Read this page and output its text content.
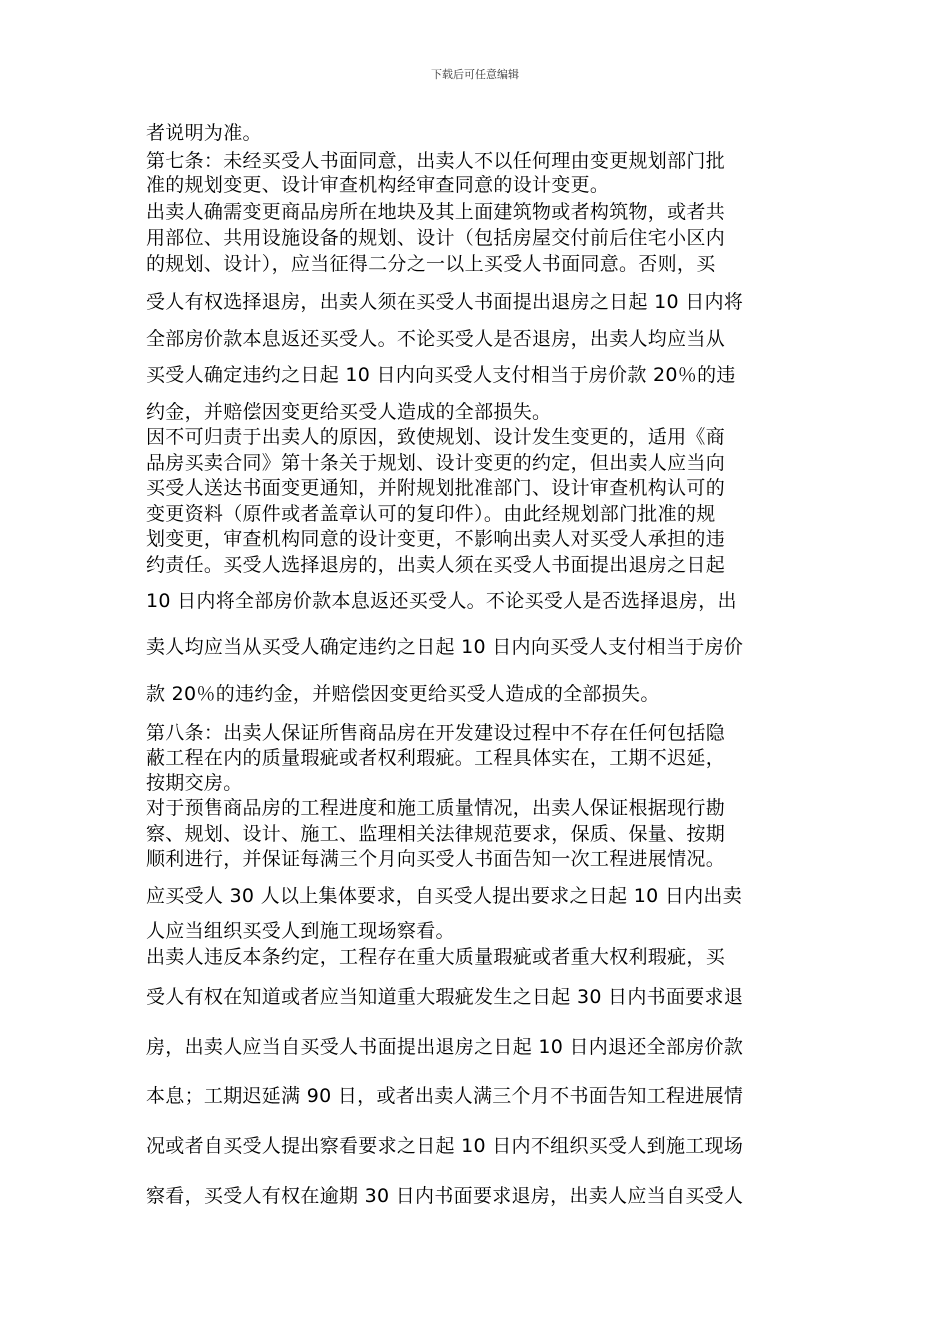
下载后可任意编辑
者说明为准。
第七条：未经买受人书面同意，出卖人不以任何理由变更规划部门批
准的规划变更、设计审查机构经审查同意的设计变更。
出卖人确需变更商品房所在地块及其上面建筑物或者构筑物，或者共
用部位、共用设施设备的规划、设计（包括房屋交付前后住宅小区内
的规划、设计），应当征得二分之一以上买受人书面同意。否则，买
受人有权选择退房，出卖人须在买受人书面提出退房之日起 10 日内将
全部房价款本息返还买受人。不论买受人是否退房，出卖人均应当从
买受人确定违约之日起 10 日内向买受人支付相当于房价款 20％的违
约金，并赔偿因变更给买受人造成的全部损失。
因不可归责于出卖人的原因，致使规划、设计发生变更的，适用《商
品房买卖合同》第十条关于规划、设计变更的约定，但出卖人应当向
买受人送达书面变更通知，并附规划批准部门、设计审查机构认可的
变更资料（原件或者盖章认可的复印件）。由此经规划部门批准的规
划变更，审查机构同意的设计变更，不影响出卖人对买受人承担的违
约责任。买受人选择退房的，出卖人须在买受人书面提出退房之日起
10 日内将全部房价款本息返还买受人。不论买受人是否选择退房，出
卖人均应当从买受人确定违约之日起 10 日内向买受人支付相当于房价
款 20％的违约金，并赔偿因变更给买受人造成的全部损失。
第八条：出卖人保证所售商品房在开发建设过程中不存在任何包括隐
蔽工程在内的质量瑕疵或者权利瑕疵。工程具体实在，工期不迟延，
按期交房。
对于预售商品房的工程进度和施工质量情况，出卖人保证根据现行勘
察、规划、设计、施工、监理相关法律规范要求，保质、保量、按期
顺利进行，并保证每满三个月向买受人书面告知一次工程进展情况。
应买受人 30 人以上集体要求，自买受人提出要求之日起 10 日内出卖
人应当组织买受人到施工现场察看。
出卖人违反本条约定，工程存在重大质量瑕疵或者重大权利瑕疵，买
受人有权在知道或者应当知道重大瑕疵发生之日起 30 日内书面要求退
房，出卖人应当自买受人书面提出退房之日起 10 日内退还全部房价款
本息；工期迟延满 90 日，或者出卖人满三个月不书面告知工程进展情
况或者自买受人提出察看要求之日起 10 日内不组织买受人到施工现场
察看，买受人有权在逾期 30 日内书面要求退房，出卖人应当自买受人
